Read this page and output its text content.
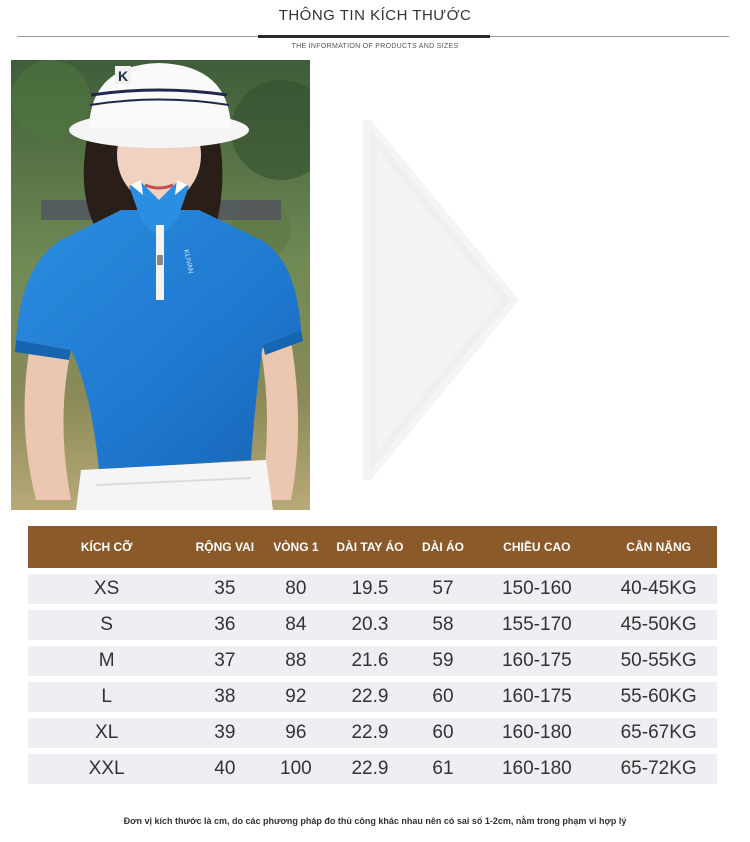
THÔNG TIN KÍCH THƯỚC
THE INFORMATION OF PRODUCTS AND SIZES
K
KLIVAN
KÍCH CỠ	RỘNG VAI	VÒNG 1	DÀI TAY ÁO	DÀI ÁO	CHIỀU CAO	CÂN NẶNG
XS	35	80	19.5	57	150-160	40-45KG
S	36	84	20.3	58	155-170	45-50KG
M	37	88	21.6	59	160-175	50-55KG
L	38	92	22.9	60	160-175	55-60KG
XL	39	96	22.9	60	160-180	65-67KG
XXL	40	100	22.9	61	160-180	65-72KG
Đơn vị kích thước là cm, do các phương pháp đo thủ công khác nhau nên có sai số 1-2cm, nằm trong phạm vi hợp lý
